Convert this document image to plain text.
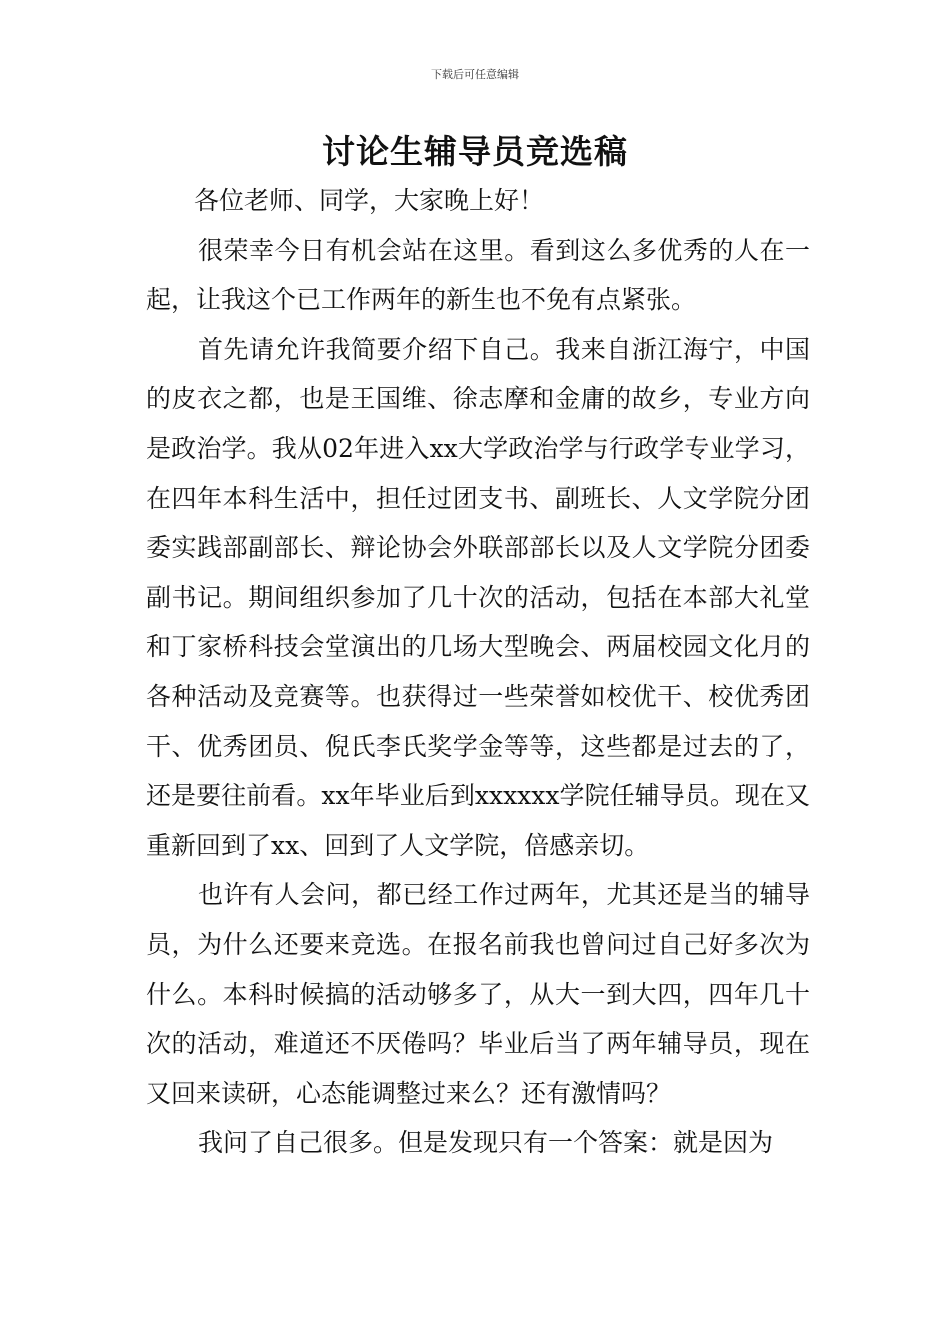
下载后可任意编辑
讨论生辅导员竞选稿

各位老师、同学，大家晚上好！

很荣幸今日有机会站在这里。看到这么多优秀的人在一起，让我这个已工作两年的新生也不免有点紧张。

首先请允许我简要介绍下自己。我来自浙江海宁，中国的皮衣之都，也是王国维、徐志摩和金庸的故乡，专业方向是政治学。我从02年进入xx大学政治学与行政学专业学习，在四年本科生活中，担任过团支书、副班长、人文学院分团委实践部副部长、辩论协会外联部部长以及人文学院分团委副书记。期间组织参加了几十次的活动，包括在本部大礼堂和丁家桥科技会堂演出的几场大型晚会、两届校园文化月的各种活动及竞赛等。也获得过一些荣誉如校优干、校优秀团干、优秀团员、倪氏李氏奖学金等等，这些都是过去的了，还是要往前看。xx年毕业后到xxxxxx学院任辅导员。现在又重新回到了xx、回到了人文学院，倍感亲切。

也许有人会问，都已经工作过两年，尤其还是当的辅导员，为什么还要来竞选。在报名前我也曾问过自己好多次为什么。本科时候搞的活动够多了，从大一到大四，四年几十次的活动，难道还不厌倦吗？毕业后当了两年辅导员，现在又回来读研，心态能调整过来么？还有激情吗？

我问了自己很多。但是发现只有一个答案：就是因为
